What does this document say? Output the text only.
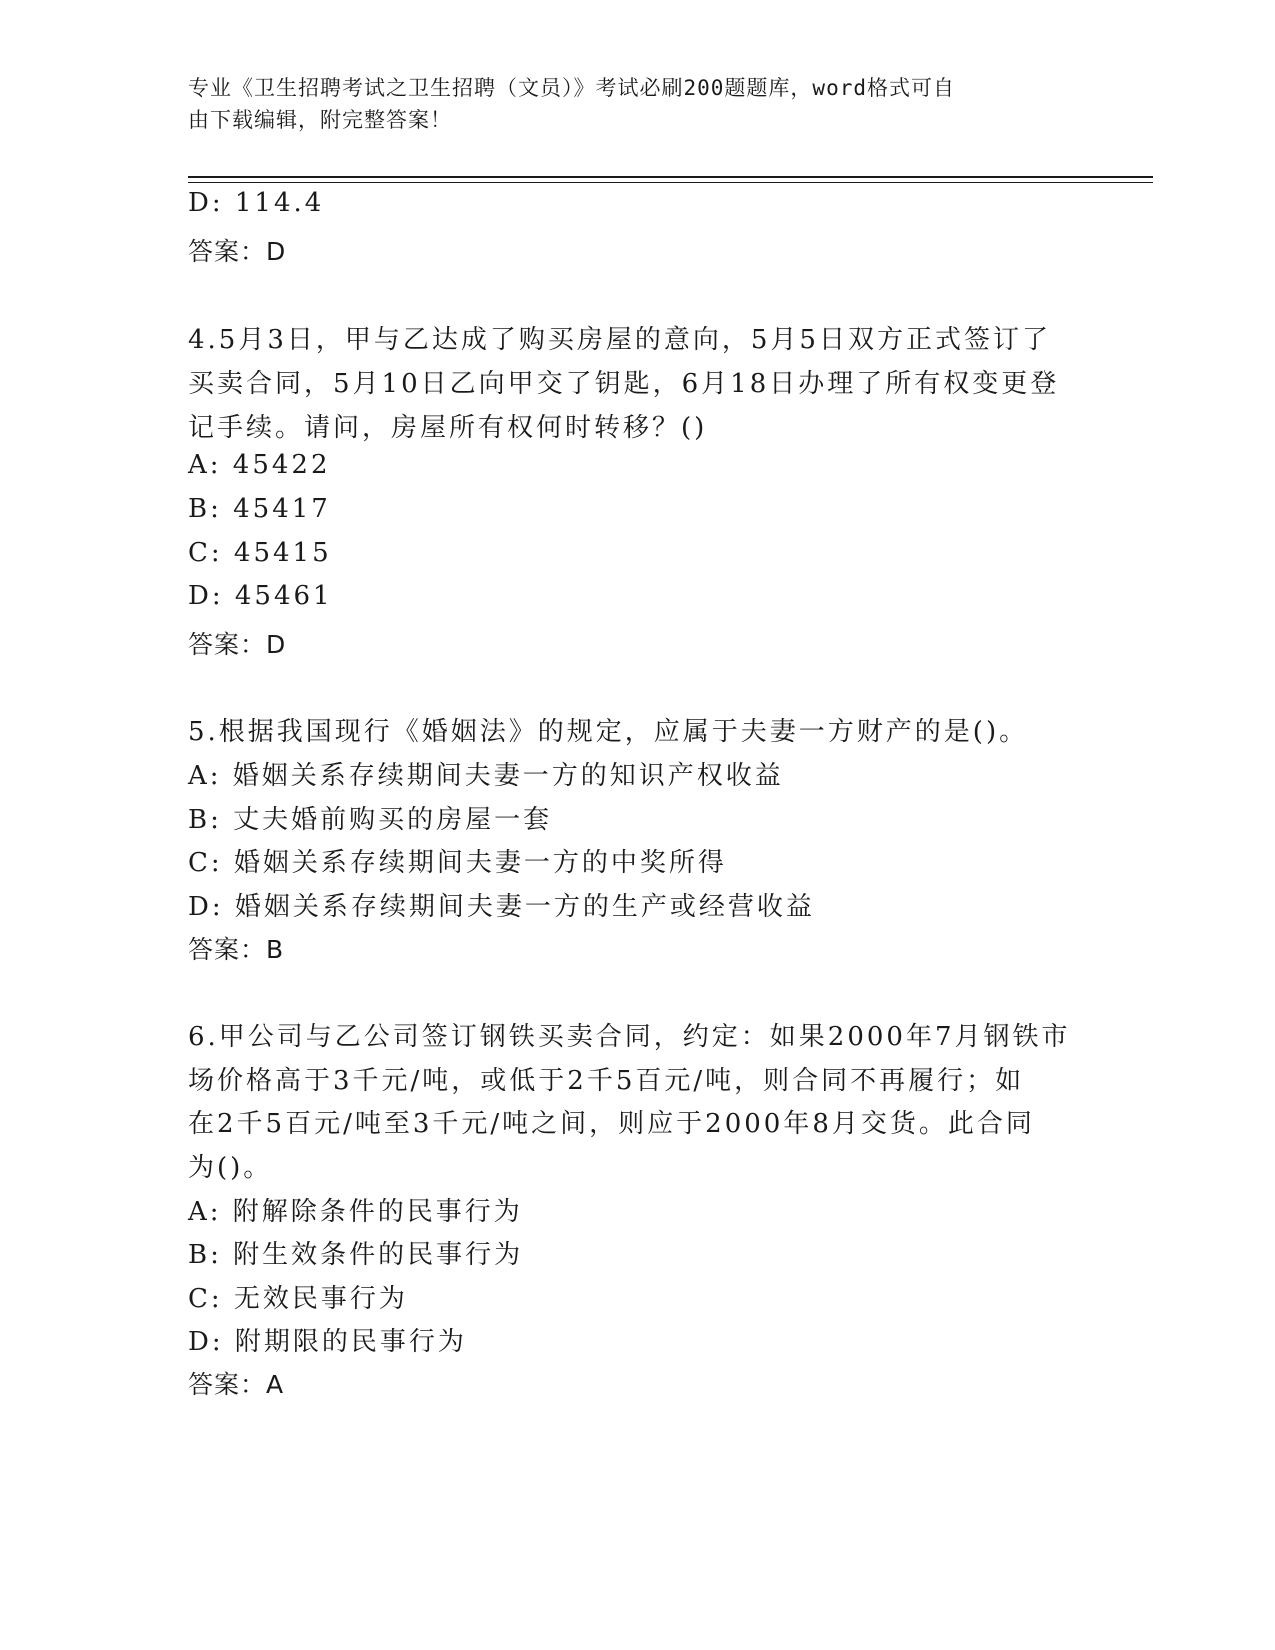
专业《卫生招聘考试之卫生招聘（文员）》考试必刷200题题库，word格式可自
由下载编辑，附完整答案！
D: 114.4
答案：D
4.5月3日，甲与乙达成了购买房屋的意向，5月5日双方正式签订了
买卖合同，5月10日乙向甲交了钥匙，6月18日办理了所有权变更登
记手续。请问，房屋所有权何时转移？()
A: 45422
B: 45417
C: 45415
D: 45461
答案：D
5.根据我国现行《婚姻法》的规定，应属于夫妻一方财产的是()。
A: 婚姻关系存续期间夫妻一方的知识产权收益
B: 丈夫婚前购买的房屋一套
C: 婚姻关系存续期间夫妻一方的中奖所得
D: 婚姻关系存续期间夫妻一方的生产或经营收益
答案：B
6.甲公司与乙公司签订钢铁买卖合同，约定：如果2000年7月钢铁市
场价格高于3千元/吨，或低于2千5百元/吨，则合同不再履行；如
在2千5百元/吨至3千元/吨之间，则应于2000年8月交货。此合同
为()。
A: 附解除条件的民事行为
B: 附生效条件的民事行为
C: 无效民事行为
D: 附期限的民事行为
答案：A
